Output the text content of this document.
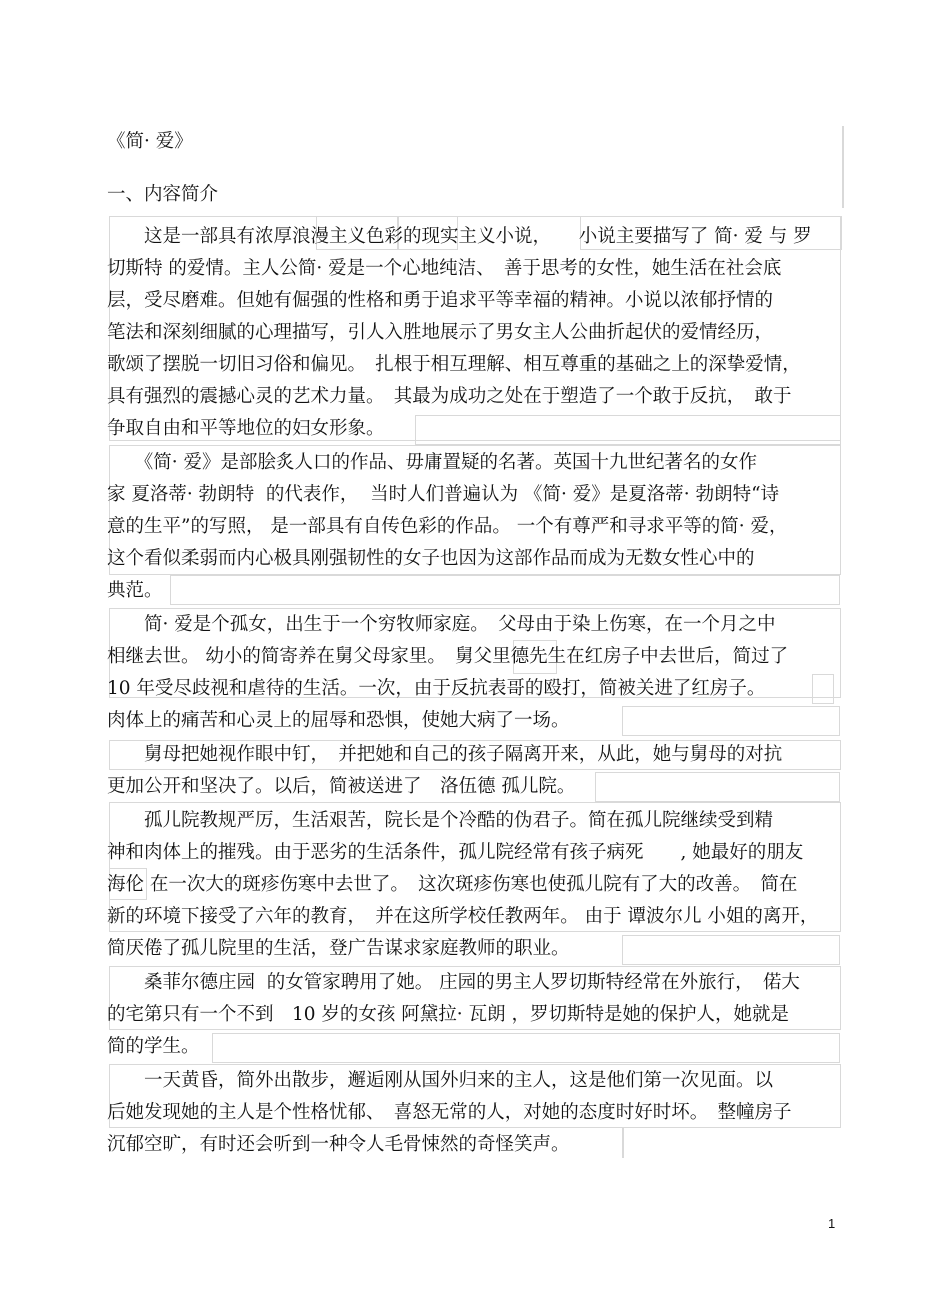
《简· 爱》
一、内容简介
　　这是一部具有浓厚浪漫主义色彩的现实主义小说，　　小说主要描写了 简· 爱 与 罗
切斯特 的爱情。主人公简· 爱是一个心地纯洁、　善于思考的女性，她生活在社会底
层，受尽磨难。但她有倔强的性格和勇于追求平等幸福的精神。小说以浓郁抒情的
笔法和深刻细腻的心理描写，引人入胜地展示了男女主人公曲折起伏的爱情经历，
歌颂了摆脱一切旧习俗和偏见。　扎根于相互理解、相互尊重的基础之上的深挚爱情，
具有强烈的震撼心灵的艺术力量。　其最为成功之处在于塑造了一个敢于反抗，　敢于
争取自由和平等地位的妇女形象。
　　《简· 爱》是部脍炙人口的作品、毋庸置疑的名著。英国十九世纪著名的女作
家 夏洛蒂· 勃朗特  的代表作，  当时人们普遍认为 《简· 爱》是夏洛蒂· 勃朗特“诗
意的生平”的写照， 是一部具有自传色彩的作品。 一个有尊严和寻求平等的简· 爱，
这个看似柔弱而内心极具刚强韧性的女子也因为这部作品而成为无数女性心中的
典范。
　　简· 爱是个孤女，出生于一个穷牧师家庭。　父母由于染上伤寒，在一个月之中
相继去世。 幼小的简寄养在舅父母家里。　舅父里德先生在红房子中去世后，简过了
10 年受尽歧视和虐待的生活。一次，由于反抗表哥的殴打，简被关进了红房子。
肉体上的痛苦和心灵上的屈辱和恐惧，使她大病了一场。
　　舅母把她视作眼中钉，　并把她和自己的孩子隔离开来，从此，她与舅母的对抗
更加公开和坚决了。以后，简被送进了　洛伍德 孤儿院。
　　孤儿院教规严厉，生活艰苦，院长是个冷酷的伪君子。简在孤儿院继续受到精
神和肉体上的摧残。由于恶劣的生活条件，孤儿院经常有孩子病死　　, 她最好的朋友
海伦 在一次大的斑疹伤寒中去世了。　这次斑疹伤寒也使孤儿院有了大的改善。　简在
新的环境下接受了六年的教育，　并在这所学校任教两年。 由于 谭波尔儿 小姐的离开，
简厌倦了孤儿院里的生活，登广告谋求家庭教师的职业。
　　桑菲尔德庄园  的女管家聘用了她。 庄园的男主人罗切斯特经常在外旅行，　偌大
的宅第只有一个不到　10 岁的女孩 阿黛拉· 瓦朗 ，罗切斯特是她的保护人，她就是
简的学生。
　　一天黄昏，简外出散步，邂逅刚从国外归来的主人，这是他们第一次见面。以
后她发现她的主人是个性格忧郁、　喜怒无常的人，对她的态度时好时坏。　整幢房子
沉郁空旷，有时还会听到一种令人毛骨悚然的奇怪笑声。
1
